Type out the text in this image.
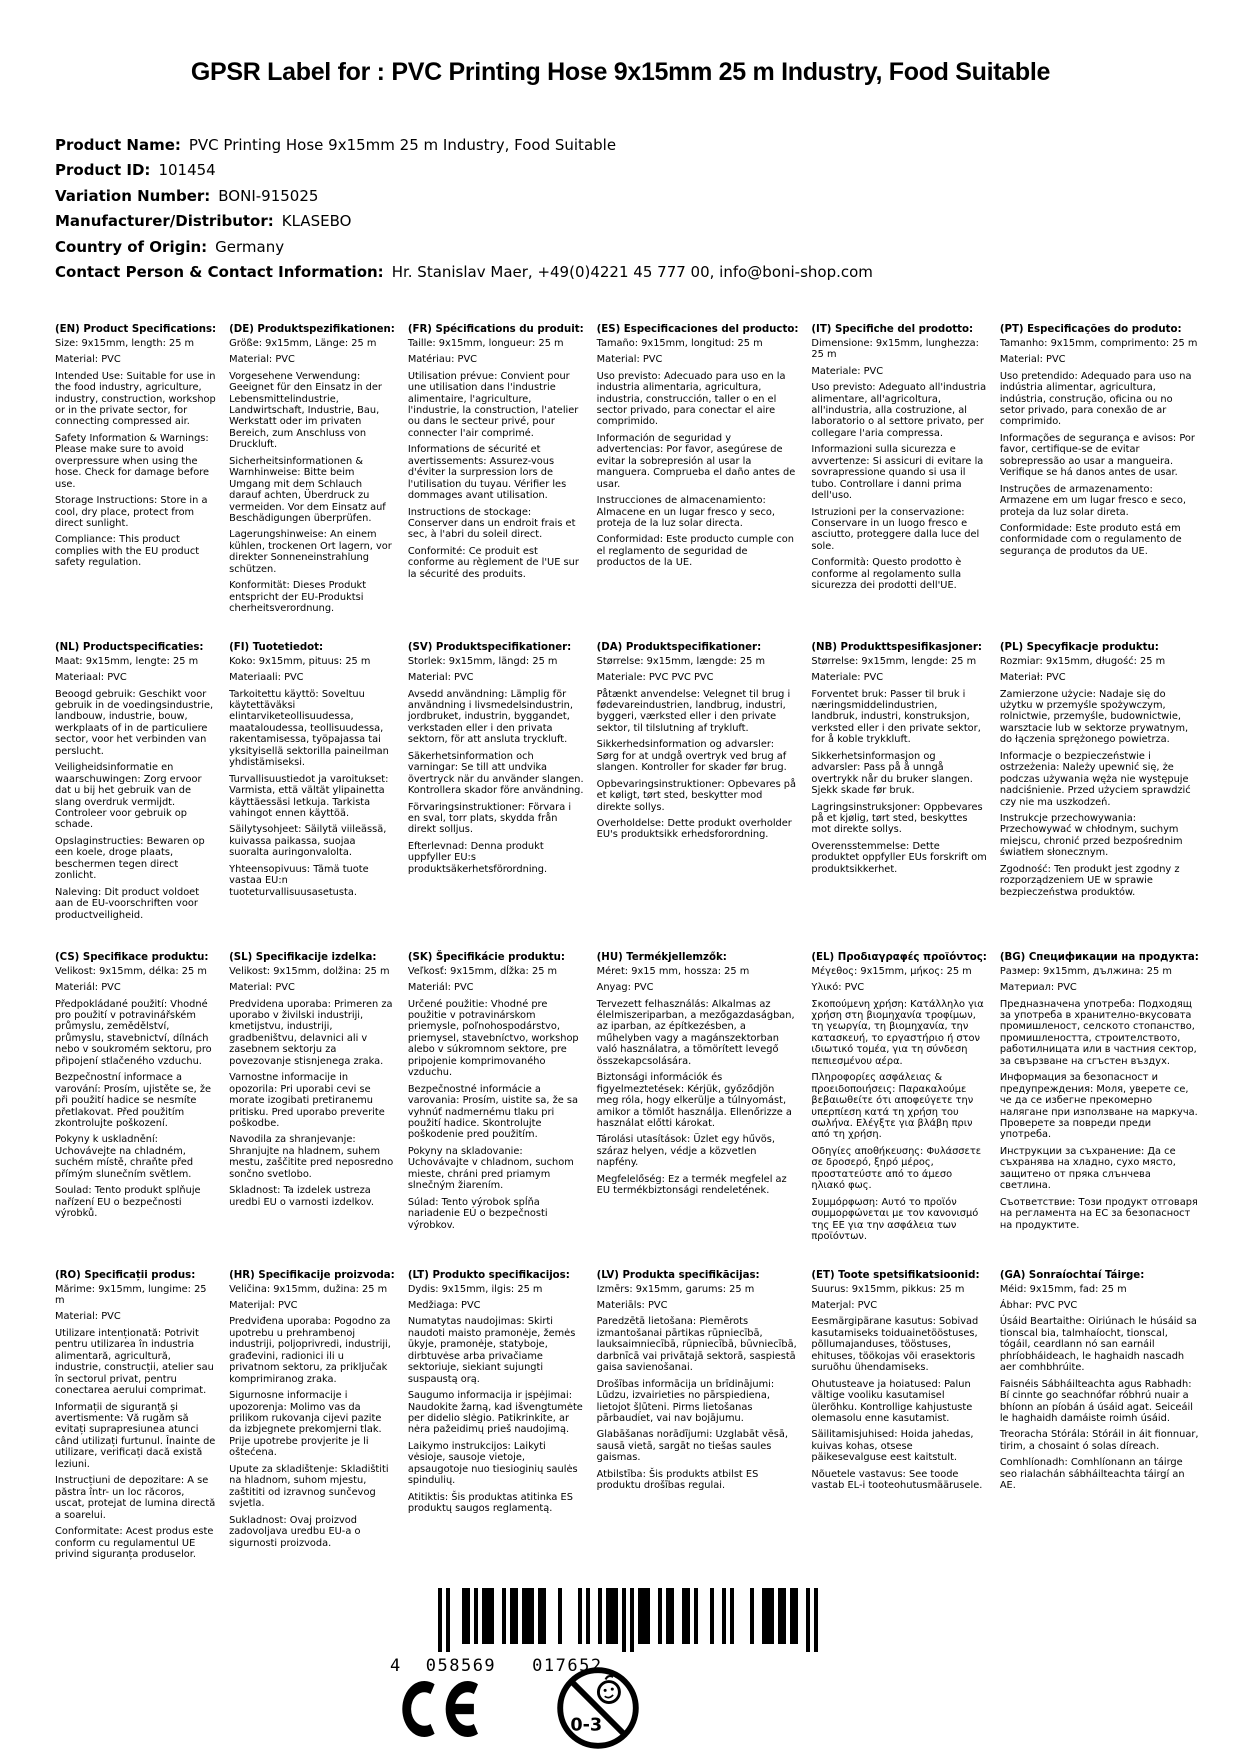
GPSR Label for : PVC Printing Hose 9x15mm 25 m Industry, Food Suitable
Product Name: PVC Printing Hose 9x15mm 25 m Industry, Food Suitable
Product ID: 101454
Variation Number: BONI-915025
Manufacturer/Distributor: KLASEBO
Country of Origin: Germany
Contact Person & Contact Information: Hr. Stanislav Maer, +49(0)4221 45 777 00, info@boni-shop.com
(EN) Product Specifications:

Size: 9x15mm, length: 25 m

Material: PVC

Intended Use: Suitable for use in the food industry, agriculture, industry, construction, workshop or in the private sector, for connecting compressed air.

Safety Information & Warnings: Please make sure to avoid overpressure when using the hose. Check for damage before use.

Storage Instructions: Store in a cool, dry place, protect from direct sunlight.

Compliance: This product complies with the EU product safety regulation.

(DE) Produktspezifikationen:

Größe: 9x15mm, Länge: 25 m

Material: PVC

Vorgesehene Verwendung: Geeignet für den Einsatz in der Lebensmittelindustrie, Landwirtschaft, Industrie, Bau, Werkstatt oder im privaten Bereich, zum Anschluss von Druckluft.

Sicherheitsinformationen & Warnhinweise: Bitte beim Umgang mit dem Schlauch darauf achten, Überdruck zu vermeiden. Vor dem Einsatz auf Beschädigungen überprüfen.

Lagerungshinweise: An einem kühlen, trockenen Ort lagern, vor direkter Sonneneinstrahlung schützen.

Konformität: Dieses Produkt entspricht der EU-Produktsi cherheitsverordnung.

(FR) Spécifications du produit:

Taille: 9x15mm, longueur: 25 m

Matériau: PVC

Utilisation prévue: Convient pour une utilisation dans l'industrie alimentaire, l'agriculture, l'industrie, la construction, l'atelier ou dans le secteur privé, pour connecter l'air comprimé.

Informations de sécurité et avertissements: Assurez-vous d'éviter la surpression lors de l'utilisation du tuyau. Vérifier les dommages avant utilisation.

Instructions de stockage: Conserver dans un endroit frais et sec, à l'abri du soleil direct.

Conformité: Ce produit est conforme au règlement de l'UE sur la sécurité des produits.

(ES) Especificaciones del producto:

Tamaño: 9x15mm, longitud: 25 m

Material: PVC

Uso previsto: Adecuado para uso en la industria alimentaria, agricultura, industria, construcción, taller o en el sector privado, para conectar el aire comprimido.

Información de seguridad y advertencias: Por favor, asegúrese de evitar la sobrepresión al usar la manguera. Comprueba el daño antes de usar.

Instrucciones de almacenamiento: Almacene en un lugar fresco y seco, proteja de la luz solar directa.

Conformidad: Este producto cumple con el reglamento de seguridad de productos de la UE.

(IT) Specifiche del prodotto:

Dimensione: 9x15mm, lunghezza: 25 m

Materiale: PVC

Uso previsto: Adeguato all'industria alimentare, all'agricoltura, all'industria, alla costruzione, al laboratorio o al settore privato, per collegare l'aria compressa.

Informazioni sulla sicurezza e avvertenze: Si assicuri di evitare la sovrapressione quando si usa il tubo. Controllare i danni prima dell'uso.

Istruzioni per la conservazione: Conservare in un luogo fresco e asciutto, proteggere dalla luce del sole.

Conformità: Questo prodotto è conforme al regolamento sulla sicurezza dei prodotti dell'UE.

(PT) Especificações do produto:

Tamanho: 9x15mm, comprimento: 25 m

Material: PVC

Uso pretendido: Adequado para uso na indústria alimentar, agricultura, indústria, construção, oficina ou no setor privado, para conexão de ar comprimido.

Informações de segurança e avisos: Por favor, certifique-se de evitar sobrepressão ao usar a mangueira. Verifique se há danos antes de usar.

Instruções de armazenamento: Armazene em um lugar fresco e seco, proteja da luz solar direta.

Conformidade: Este produto está em conformidade com o regulamento de segurança de produtos da UE.

(NL) Productspecificaties:

Maat: 9x15mm, lengte: 25 m

Materiaal: PVC

Beoogd gebruik: Geschikt voor gebruik in de voedingsindustrie, landbouw, industrie, bouw, werkplaats of in de particuliere sector, voor het verbinden van perslucht.

Veiligheidsinformatie en waarschuwingen: Zorg ervoor dat u bij het gebruik van de slang overdruk vermijdt. Controleer voor gebruik op schade.

Opslaginstructies: Bewaren op een koele, droge plaats, beschermen tegen direct zonlicht.

Naleving: Dit product voldoet aan de EU-voorschriften voor productveiligheid.

(FI) Tuotetiedot:

Koko: 9x15mm, pituus: 25 m

Materiaali: PVC

Tarkoitettu käyttö: Soveltuu käytettäväksi elintarviketeollisuudessa, maataloudessa, teollisuudessa, rakentamisessa, työpajassa tai yksityisellä sektorilla paineilman yhdistämiseksi.

Turvallisuustiedot ja varoitukset: Varmista, että vältät ylipainetta käyttäessäsi letkuja. Tarkista vahingot ennen käyttöä.

Säilytysohjeet: Säilytä viileässä, kuivassa paikassa, suojaa suoralta auringonvalolta.

Yhteensopivuus: Tämä tuote vastaa EU:n tuoteturvallisuusasetusta.

(SV) Produktspecifikationer:

Storlek: 9x15mm, längd: 25 m

Material: PVC

Avsedd användning: Lämplig för användning i livsmedelsindustrin, jordbruket, industrin, byggandet, verkstaden eller i den privata sektorn, för att ansluta tryckluft.

Säkerhetsinformation och varningar: Se till att undvika övertryck när du använder slangen. Kontrollera skador före användning.

Förvaringsinstruktioner: Förvara i en sval, torr plats, skydda från direkt solljus.

Efterlevnad: Denna produkt uppfyller EU:s produktsäkerhetsförordning.

(DA) Produktspecifikationer:

Størrelse: 9x15mm, længde: 25 m

Materiale: PVC PVC PVC

Påtænkt anvendelse: Velegnet til brug i fødevareindustrien, landbrug, industri, byggeri, værksted eller i den private sektor, til tilslutning af trykluft.

Sikkerhedsinformation og advarsler: Sørg for at undgå overtryk ved brug af slangen. Kontroller for skader før brug.

Opbevaringsinstruktioner: Opbevares på et køligt, tørt sted, beskytter mod direkte sollys.

Overholdelse: Dette produkt overholder EU's produktsikk erhedsforordning.

(NB) Produkttspesifikasjoner:

Størrelse: 9x15mm, lengde: 25 m

Materiale: PVC

Forventet bruk: Passer til bruk i næringsmiddelindustrien, landbruk, industri, konstruksjon, verksted eller i den private sektor, for å koble trykkluft.

Sikkerhetsinformasjon og advarsler: Pass på å unngå overtrykk når du bruker slangen. Sjekk skade før bruk.

Lagringsinstruksjoner: Oppbevares på et kjølig, tørt sted, beskyttes mot direkte sollys.

Overensstemmelse: Dette produktet oppfyller EUs forskrift om produktsikkerhet.

(PL) Specyfikacje produktu:

Rozmiar: 9x15mm, długość: 25 m

Materiał: PVC

Zamierzone użycie: Nadaje się do użytku w przemyśle spożywczym, rolnictwie, przemyśle, budownictwie, warsztacie lub w sektorze prywatnym, do łączenia sprężonego powietrza.

Informacje o bezpieczeństwie i ostrzeżenia: Należy upewnić się, że podczas używania węża nie występuje nadciśnienie. Przed użyciem sprawdzić czy nie ma uszkodzeń.

Instrukcje przechowywania: Przechowywać w chłodnym, suchym miejscu, chronić przed bezpośrednim światłem słonecznym.

Zgodność: Ten produkt jest zgodny z rozporządzeniem UE w sprawie bezpieczeństwa produktów.

(CS) Specifikace produktu:

Velikost: 9x15mm, délka: 25 m

Materiál: PVC

Předpokládané použití: Vhodné pro použití v potravinářském průmyslu, zemědělství, průmyslu, stavebnictví, dílnách nebo v soukromém sektoru, pro připojení stlačeného vzduchu.

Bezpečnostní informace a varování: Prosím, ujistěte se, že při použití hadice se nesmíte přetlakovat. Před použitím zkontrolujte poškození.

Pokyny k uskladnění: Uchovávejte na chladném, suchém místě, chraňte před přímým slunečním světlem.

Soulad: Tento produkt splňuje nařízení EU o bezpečnosti výrobků.

(SL) Specifikacije izdelka:

Velikost: 9x15mm, dolžina: 25 m

Material: PVC

Predvidena uporaba: Primeren za uporabo v živilski industriji, kmetijstvu, industriji, gradbeništvu, delavnici ali v zasebnem sektorju za povezovanje stisnjenega zraka.

Varnostne informacije in opozorila: Pri uporabi cevi se morate izogibati pretiranemu pritisku. Pred uporabo preverite poškodbe.

Navodila za shranjevanje: Shranjujte na hladnem, suhem mestu, zaščitite pred neposredno sončno svetlobo.

Skladnost: Ta izdelek ustreza uredbi EU o varnosti izdelkov.

(SK) Špecifikácie produktu:

Veľkosť: 9x15mm, dĺžka: 25 m

Materiál: PVC

Určené použitie: Vhodné pre použitie v potravinárskom priemysle, poľnohospodárstvo, priemysel, stavebníctvo, workshop alebo v súkromnom sektore, pre pripojenie komprimovaného vzduchu.

Bezpečnostné informácie a varovania: Prosím, uistite sa, že sa vyhnúť nadmernému tlaku pri použití hadice. Skontrolujte poškodenie pred použitím.

Pokyny na skladovanie: Uchovávajte v chladnom, suchom mieste, chráni pred priamym slnečným žiarením.

Súlad: Tento výrobok spĺňa nariadenie EÚ o bezpečnosti výrobkov.

(HU) Termékjellemzők:

Méret: 9x15 mm, hossza: 25 m

Anyag: PVC

Tervezett felhasználás: Alkalmas az élelmiszeriparban, a mezőgazdaságban, az iparban, az építkezésben, a műhelyben vagy a magánszektorban való használatra, a tömörített levegő összekapcsolására.

Biztonsági információk és figyelmeztetések: Kérjük, győződjön meg róla, hogy elkerülje a túlnyomást, amikor a tömlőt használja. Ellenőrizze a használat előtti károkat.

Tárolási utasítások: Üzlet egy hűvös, száraz helyen, védje a közvetlen napfény.

Megfelelőség: Ez a termék megfelel az EU termékbiztonsági rendeletének.

(EL) Προδιαγραφές προϊόντος:

Μέγεθος: 9x15mm, μήκος: 25 m

Υλικό: PVC

Σκοπούμενη χρήση: Κατάλληλο για χρήση στη βιομηχανία τροφίμων, τη γεωργία, τη βιομηχανία, την κατασκευή, το εργαστήριο ή στον ιδιωτικό τομέα, για τη σύνδεση πεπιεσμένου αέρα.

Πληροφορίες ασφάλειας & προειδοποιήσεις: Παρακαλούμε βεβαιωθείτε ότι αποφεύγετε την υπερπίεση κατά τη χρήση του σωλήνα. Ελέγξτε για βλάβη πριν από τη χρήση.

Οδηγίες αποθήκευσης: Φυλάσσετε σε δροσερό, ξηρό μέρος, προστατεύστε από το άμεσο ηλιακό φως.

Συμμόρφωση: Αυτό το προϊόν συμμορφώνεται με τον κανονισμό της ΕΕ για την ασφάλεια των προϊόντων.

(BG) Спецификации на продукта:

Размер: 9x15mm, дължина: 25 m

Материал: PVC

Предназначена употреба: Подходящ за употреба в хранително-вкусовата промишленост, селското стопанство, промишлеността, строителството, работилницата или в частния сектор, за свързване на сгъстен въздух.

Информация за безопасност и предупреждения: Моля, уверете се, че да се избегне прекомерно налягане при използване на маркуча. Проверете за повреди преди употреба.

Инструкции за съхранение: Да се съхранява на хладно, сухо място, защитено от пряка слънчева светлина.

Съответствие: Този продукт отговаря на регламента на ЕС за безопасност на продуктите.

(RO) Specificații produs:

Mărime: 9x15mm, lungime: 25 m

Material: PVC

Utilizare intenționată: Potrivit pentru utilizarea în industria alimentară, agricultură, industrie, construcții, atelier sau în sectorul privat, pentru conectarea aerului comprimat.

Informații de siguranță și avertismente: Vă rugăm să evitați suprapresiunea atunci când utilizați furtunul. Înainte de utilizare, verificați dacă există leziuni.

Instrucțiuni de depozitare: A se păstra într- un loc răcoros, uscat, protejat de lumina directă a soarelui.

Conformitate: Acest produs este conform cu regulamentul UE privind siguranța produselor.

(HR) Specifikacije proizvoda:

Veličina: 9x15mm, dužina: 25 m

Materijal: PVC

Predviđena uporaba: Pogodno za upotrebu u prehrambenoj industriji, poljoprivredi, industriji, građevini, radionici ili u privatnom sektoru, za priključak komprimiranog zraka.

Sigurnosne informacije i upozorenja: Molimo vas da prilikom rukovanja cijevi pazite da izbjegnete prekomjerni tlak. Prije upotrebe provjerite je li oštećena.

Upute za skladištenje: Skladištiti na hladnom, suhom mjestu, zaštititi od izravnog sunčevog svjetla.

Sukladnost: Ovaj proizvod zadovoljava uredbu EU-a o sigurnosti proizvoda.

(LT) Produkto specifikacijos:

Dydis: 9x15mm, ilgis: 25 m

Medžiaga: PVC

Numatytas naudojimas: Skirti naudoti maisto pramonėje, žemės ūkyje, pramonėje, statyboje, dirbtuvėse arba privačiame sektoriuje, siekiant sujungti suspaustą orą.

Saugumo informacija ir įspėjimai: Naudokite žarną, kad išvengtumėte per didelio slėgio. Patikrinkite, ar nėra pažeidimų prieš naudojimą.

Laikymo instrukcijos: Laikyti vėsioje, sausoje vietoje, apsaugotoje nuo tiesioginių saulės spindulių.

Atitiktis: Šis produktas atitinka ES produktų saugos reglamentą.

(LV) Produkta specifikācijas:

Izmērs: 9x15mm, garums: 25 m

Materiāls: PVC

Paredzētā lietošana: Piemērots izmantošanai pārtikas rūpniecībā, lauksaimniecībā, rūpniecībā, būvniecībā, darbnīcā vai privātajā sektorā, saspiestā gaisa savienošanai.

Drošības informācija un brīdinājumi: Lūdzu, izvairieties no pārspiediena, lietojot šļūteni. Pirms lietošanas pārbaudiet, vai nav bojājumu.

Glabāšanas norādījumi: Uzglabāt vēsā, sausā vietā, sargāt no tiešas saules gaismas.

Atbilstība: Šis produkts atbilst ES produktu drošības regulai.

(ET) Toote spetsifikatsioonid:

Suurus: 9x15mm, pikkus: 25 m

Materjal: PVC

Eesmärgipärane kasutus: Sobivad kasutamiseks toiduainetööstuses, põllumajanduses, tööstuses, ehituses, töökojas või erasektoris suruõhu ühendamiseks.

Ohutusteave ja hoiatused: Palun vältige vooliku kasutamisel ülerõhku. Kontrollige kahjustuste olemasolu enne kasutamist.

Säilitamisjuhised: Hoida jahedas, kuivas kohas, otsese päikesevalguse eest kaitstult.

Nõuetele vastavus: See toode vastab EL-i tooteohutusmäärusele.

(GA) Sonraíochtaí Táirge:

Méid: 9x15mm, fad: 25 m

Ábhar: PVC PVC

Úsáid Beartaithe: Oiriúnach le húsáid sa tionscal bia, talmhaíocht, tionscal, tógáil, ceardlann nó san earnáil phríobháideach, le haghaidh nascadh aer comhbhrúite.

Faisnéis Sábháilteachta agus Rabhadh: Bí cinnte go seachnófar róbhrú nuair a bhíonn an píobán á úsáid agat. Seiceáil le haghaidh damáiste roimh úsáid.

Treoracha Stórála: Stóráil in áit fionnuar, tirim, a chosaint ó solas díreach.

Comhlíonadh: Comhlíonann an táirge seo rialachán sábháilteachta táirgí an AE.

4 058569 017652
0-3
